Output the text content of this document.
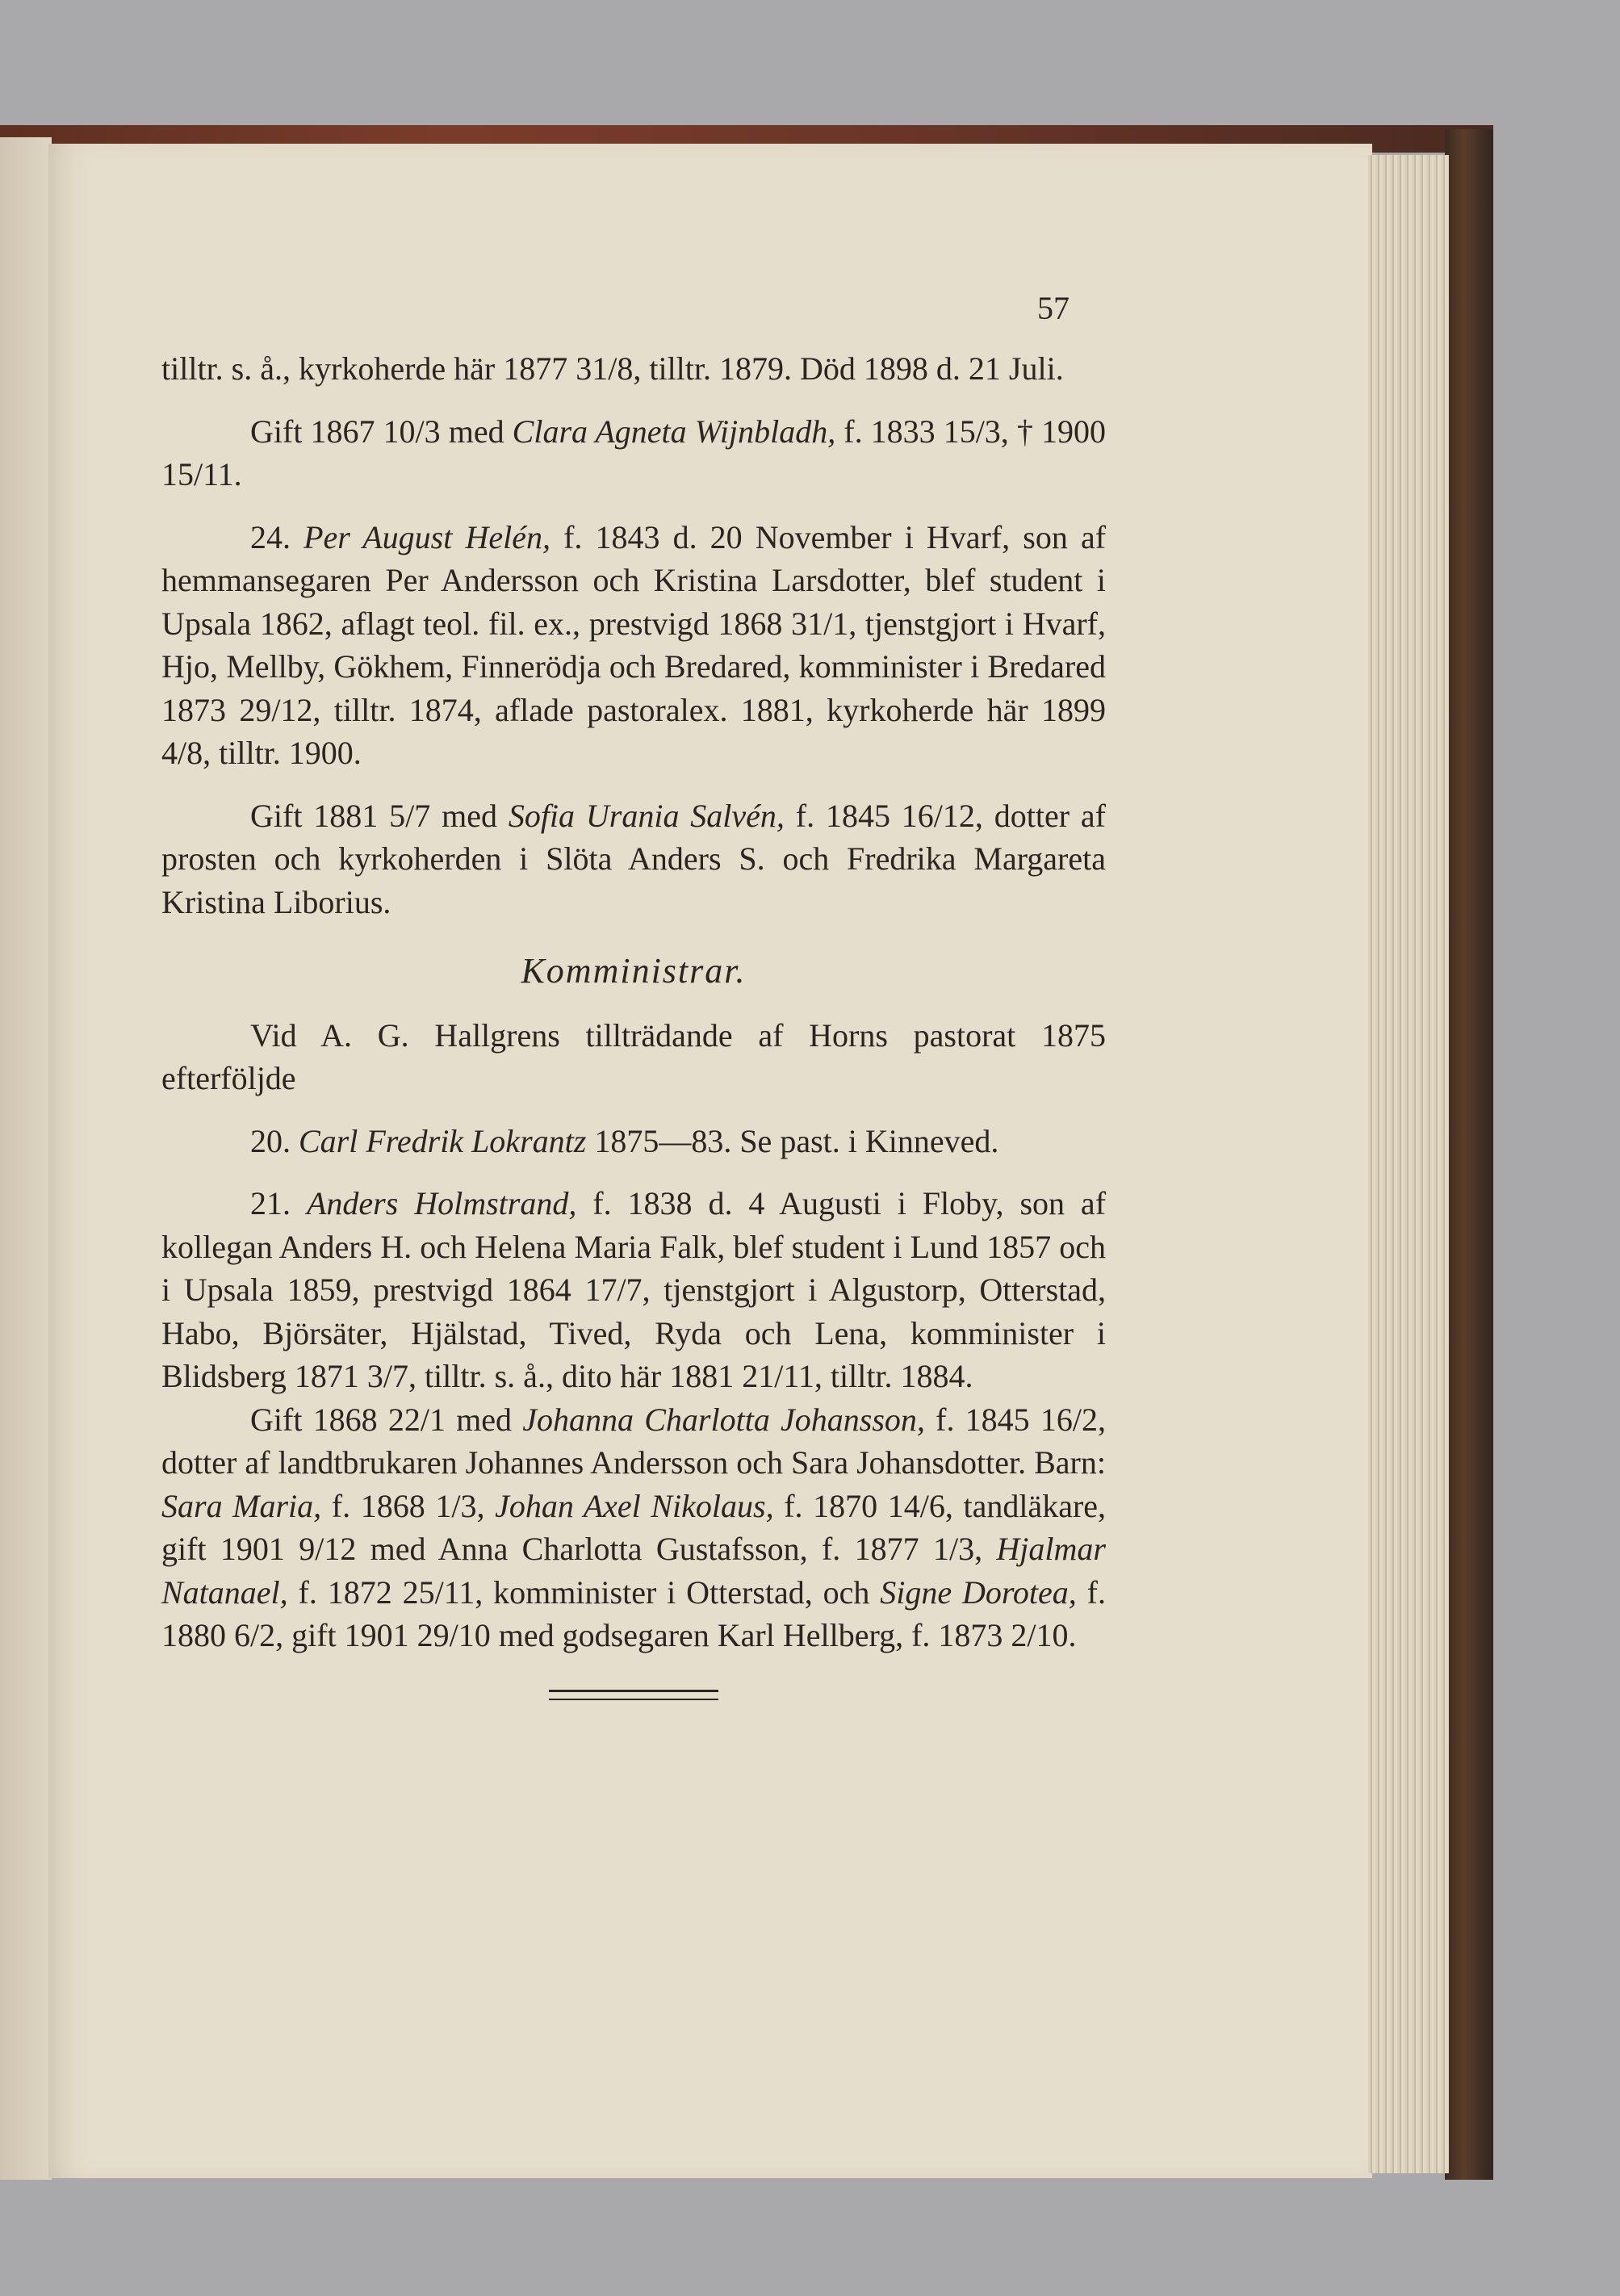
57

tilltr. s. å., kyrkoherde här 1877 31/8, tilltr. 1879. Död 1898 d. 21 Juli.

Gift 1867 10/3 med Clara Agneta Wijnbladh, f. 1833 15/3, † 1900 15/11.

24. Per August Helén, f. 1843 d. 20 November i Hvarf, son af hemmansegaren Per Andersson och Kristina Larsdotter, blef student i Upsala 1862, aflagt teol. fil. ex., prestvigd 1868 31/1, tjenstgjort i Hvarf, Hjo, Mellby, Gökhem, Finnerödja och Bredared, komminister i Bredared 1873 29/12, tilltr. 1874, aflade pastoralex. 1881, kyrkoherde här 1899 4/8, tilltr. 1900.

Gift 1881 5/7 med Sofia Urania Salvén, f. 1845 16/12, dotter af prosten och kyrkoherden i Slöta Anders S. och Fredrika Margareta Kristina Liborius.

Komministrar.

Vid A. G. Hallgrens tillträdande af Horns pastorat 1875 efterföljde

20. Carl Fredrik Lokrantz 1875—83. Se past. i Kinneved.

21. Anders Holmstrand, f. 1838 d. 4 Augusti i Floby, son af kollegan Anders H. och Helena Maria Falk, blef student i Lund 1857 och i Upsala 1859, prestvigd 1864 17/7, tjenstgjort i Algustorp, Otterstad, Habo, Björsäter, Hjälstad, Tived, Ryda och Lena, komminister i Blidsberg 1871 3/7, tilltr. s. å., dito här 1881 21/11, tilltr. 1884.

Gift 1868 22/1 med Johanna Charlotta Johansson, f. 1845 16/2, dotter af landtbrukaren Johannes Andersson och Sara Johansdotter. Barn: Sara Maria, f. 1868 1/3, Johan Axel Nikolaus, f. 1870 14/6, tandläkare, gift 1901 9/12 med Anna Charlotta Gustafsson, f. 1877 1/3, Hjalmar Natanael, f. 1872 25/11, komminister i Otterstad, och Signe Dorotea, f. 1880 6/2, gift 1901 29/10 med godsegaren Karl Hellberg, f. 1873 2/10.
